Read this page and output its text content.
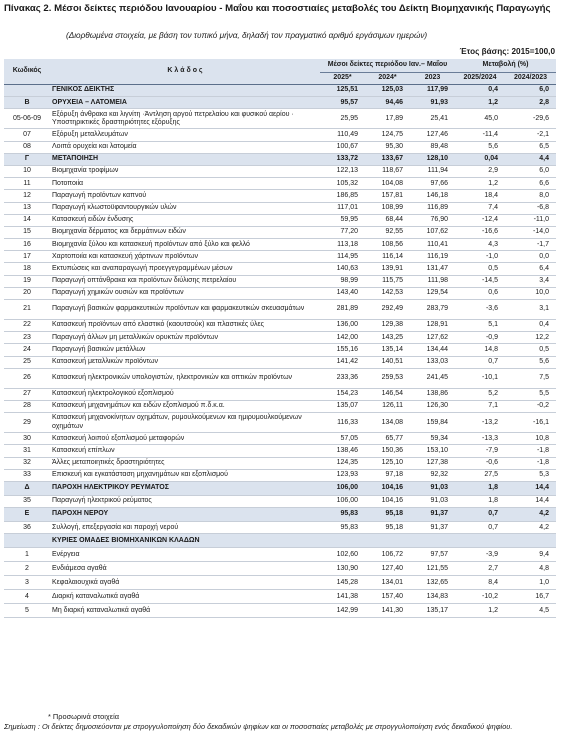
Πίνακας 2. Μέσοι δείκτες περιόδου Ιανουαρίου - Μαΐου και ποσοστιαίες μεταβολές του Δείκτη Βιομηχανικής Παραγωγής
(Διορθωμένα στοιχεία, με βάση τον τυπικό μήνα, δηλαδή τον πραγματικό αριθμό εργάσιμων ημερών)
Έτος βάσης: 2015=100,0
Κωδικός	Κ λ ά δ ο ς	Μέσοι δείκτες περιόδου Ιαν.– Μαΐου			Μεταβολή (%)	
		2025*	2024*	2023	2025/2024	2024/2023
	ΓΕΝΙΚΟΣ ΔΕΙΚΤΗΣ	125,51	125,03	117,99	0,4	6,0
Β	ΟΡΥΧΕΙΑ – ΛΑΤΟΜΕΙΑ	95,57	94,46	91,93	1,2	2,8
05-06-09	Εξόρυξη άνθρακα και λιγνίτη ·Άντληση αργού πετρελαίου και φυσικού αερίου · Υποστηρικτικές δραστηριότητες εξόρυξης	25,95	17,89	25,41	45,0	-29,6
07	Εξόρυξη μεταλλευμάτων	110,49	124,75	127,46	-11,4	-2,1
08	Λοιπά ορυχεία και λατομεία	100,67	95,30	89,48	5,6	6,5
Γ	ΜΕΤΑΠΟΙΗΣΗ	133,72	133,67	128,10	0,04	4,4
10	Βιομηχανία τροφίμων	122,13	118,67	111,94	2,9	6,0
11	Ποτοποιία	105,32	104,08	97,66	1,2	6,6
12	Παραγωγή προϊόντων καπνού	186,85	157,81	146,18	18,4	8,0
13	Παραγωγή κλωστοϋφαντουργικών υλών	117,01	108,99	116,89	7,4	-6,8
14	Κατασκευή ειδών ένδυσης	59,95	68,44	76,90	-12,4	-11,0
15	Βιομηχανία δέρματος και δερμάτινων ειδών	77,20	92,55	107,62	-16,6	-14,0
16	Βιομηχανία ξύλου και κατασκευή προϊόντων από ξύλο και φελλό	113,18	108,56	110,41	4,3	-1,7
17	Χαρτοποιία και κατασκευή χάρτινων προϊόντων	114,95	116,14	116,19	-1,0	0,0
18	Εκτυπώσεις και αναπαραγωγή προεγγεγραμμένων μέσων	140,63	139,91	131,47	0,5	6,4
19	Παραγωγή οπτάνθρακα και προϊόντων διύλισης πετρελαίου	98,99	115,75	111,98	-14,5	3,4
20	Παραγωγή χημικών ουσιών και προϊόντων	143,40	142,53	129,54	0,6	10,0
21	Παραγωγή βασικών φαρμακευτικών προϊόντων και φαρμακευτικών σκευασμάτων	281,89	292,49	283,79	-3,6	3,1
22	Κατασκευή προϊόντων από ελαστικό (καουτσούκ) και πλαστικές ύλες	136,00	129,38	128,91	5,1	0,4
23	Παραγωγή άλλων μη μεταλλικών ορυκτών προϊόντων	142,00	143,25	127,62	-0,9	12,2
24	Παραγωγή βασικών μετάλλων	155,16	135,14	134,44	14,8	0,5
25	Κατασκευή μεταλλικών προϊόντων	141,42	140,51	133,03	0,7	5,6
26	Κατασκευή ηλεκτρονικών υπολογιστών, ηλεκτρονικών και οπτικών προϊόντων	233,36	259,53	241,45	-10,1	7,5
27	Κατασκευή ηλεκτρολογικού εξοπλισμού	154,23	146,54	138,86	5,2	5,5
28	Κατασκευή μηχανημάτων και ειδών εξοπλισμού π.δ.κ.α.	135,07	126,11	126,30	7,1	-0,2
29	Κατασκευή μηχανοκίνητων οχημάτων, ρυμουλκούμενων και ημιρυμουλκούμενων οχημάτων	116,33	134,08	159,84	-13,2	-16,1
30	Κατασκευή λοιπού εξοπλισμού μεταφορών	57,05	65,77	59,34	-13,3	10,8
31	Κατασκευή επίπλων	138,46	150,36	153,10	-7,9	-1,8
32	Άλλες μεταποιητικές δραστηριότητες	124,35	125,10	127,38	-0,6	-1,8
33	Επισκευή και εγκατάσταση μηχανημάτων και εξοπλισμού	123,93	97,18	92,32	27,5	5,3
Δ	ΠΑΡΟΧΗ ΗΛΕΚΤΡΙΚΟΥ ΡΕΥΜΑΤΟΣ	106,00	104,16	91,03	1,8	14,4
35	Παραγωγή ηλεκτρικού ρεύματος	106,00	104,16	91,03	1,8	14,4
Ε	ΠΑΡΟΧΗ ΝΕΡΟΥ	95,83	95,18	91,37	0,7	4,2
36	Συλλογή, επεξεργασία και παροχή νερού	95,83	95,18	91,37	0,7	4,2
	ΚΥΡΙΕΣ ΟΜΑΔΕΣ ΒΙΟΜΗΧΑΝΙΚΩΝ ΚΛΑΔΩΝ					
1	Ενέργεια	102,60	106,72	97,57	-3,9	9,4
2	Ενδιάμεσα αγαθά	130,90	127,40	121,55	2,7	4,8
3	Κεφαλαιουχικά αγαθά	145,28	134,01	132,65	8,4	1,0
4	Διαρκή καταναλωτικά αγαθά	141,38	157,40	134,83	-10,2	16,7
5	Μη διαρκή καταναλωτικά αγαθά	142,99	141,30	135,17	1,2	4,5
* Προσωρινά στοιχεία
Σημείωση : Οι δείκτες δημοσιεύονται με στρογγυλοποίηση δύο δεκαδικών ψηφίων και οι ποσοστιαίες μεταβολές με στρογγυλοποίηση ενός δεκαδικού ψηφίου.
